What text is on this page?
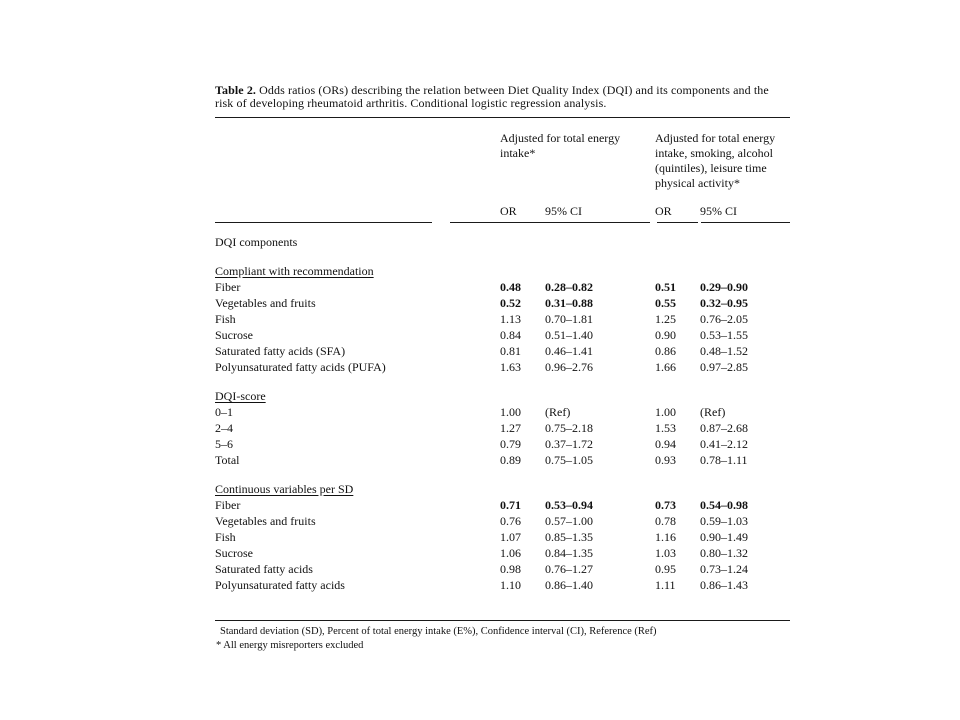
Table 2. Odds ratios (ORs) describing the relation between Diet Quality Index (DQI) and its components and the risk of developing rheumatoid arthritis. Conditional logistic regression analysis.

Adjusted for total energy intake*
Adjusted for total energy intake, smoking, alcohol (quintiles), leisure time physical activity*
OR	95% CI	OR	95% CI
DQI components				

Compliant with recommendation				
Fiber	0.48	0.28–0.82	0.51	0.29–0.90
Vegetables and fruits	0.52	0.31–0.88	0.55	0.32–0.95
Fish	1.13	0.70–1.81	1.25	0.76–2.05
Sucrose	0.84	0.51–1.40	0.90	0.53–1.55
Saturated fatty acids (SFA)	0.81	0.46–1.41	0.86	0.48–1.52
Polyunsaturated fatty acids (PUFA)	1.63	0.96–2.76	1.66	0.97–2.85

DQI-score				
0–1	1.00	(Ref)	1.00	(Ref)
2–4	1.27	0.75–2.18	1.53	0.87–2.68
5–6	0.79	0.37–1.72	0.94	0.41–2.12
Total	0.89	0.75–1.05	0.93	0.78–1.11

Continuous variables per SD				
Fiber	0.71	0.53–0.94	0.73	0.54–0.98
Vegetables and fruits	0.76	0.57–1.00	0.78	0.59–1.03
Fish	1.07	0.85–1.35	1.16	0.90–1.49
Sucrose	1.06	0.84–1.35	1.03	0.80–1.32
Saturated fatty acids	0.98	0.76–1.27	0.95	0.73–1.24
Polyunsaturated fatty acids	1.10	0.86–1.40	1.11	0.86–1.43
Standard deviation (SD), Percent of total energy intake (E%), Confidence interval (CI), Reference (Ref)
* All energy misreporters excluded
